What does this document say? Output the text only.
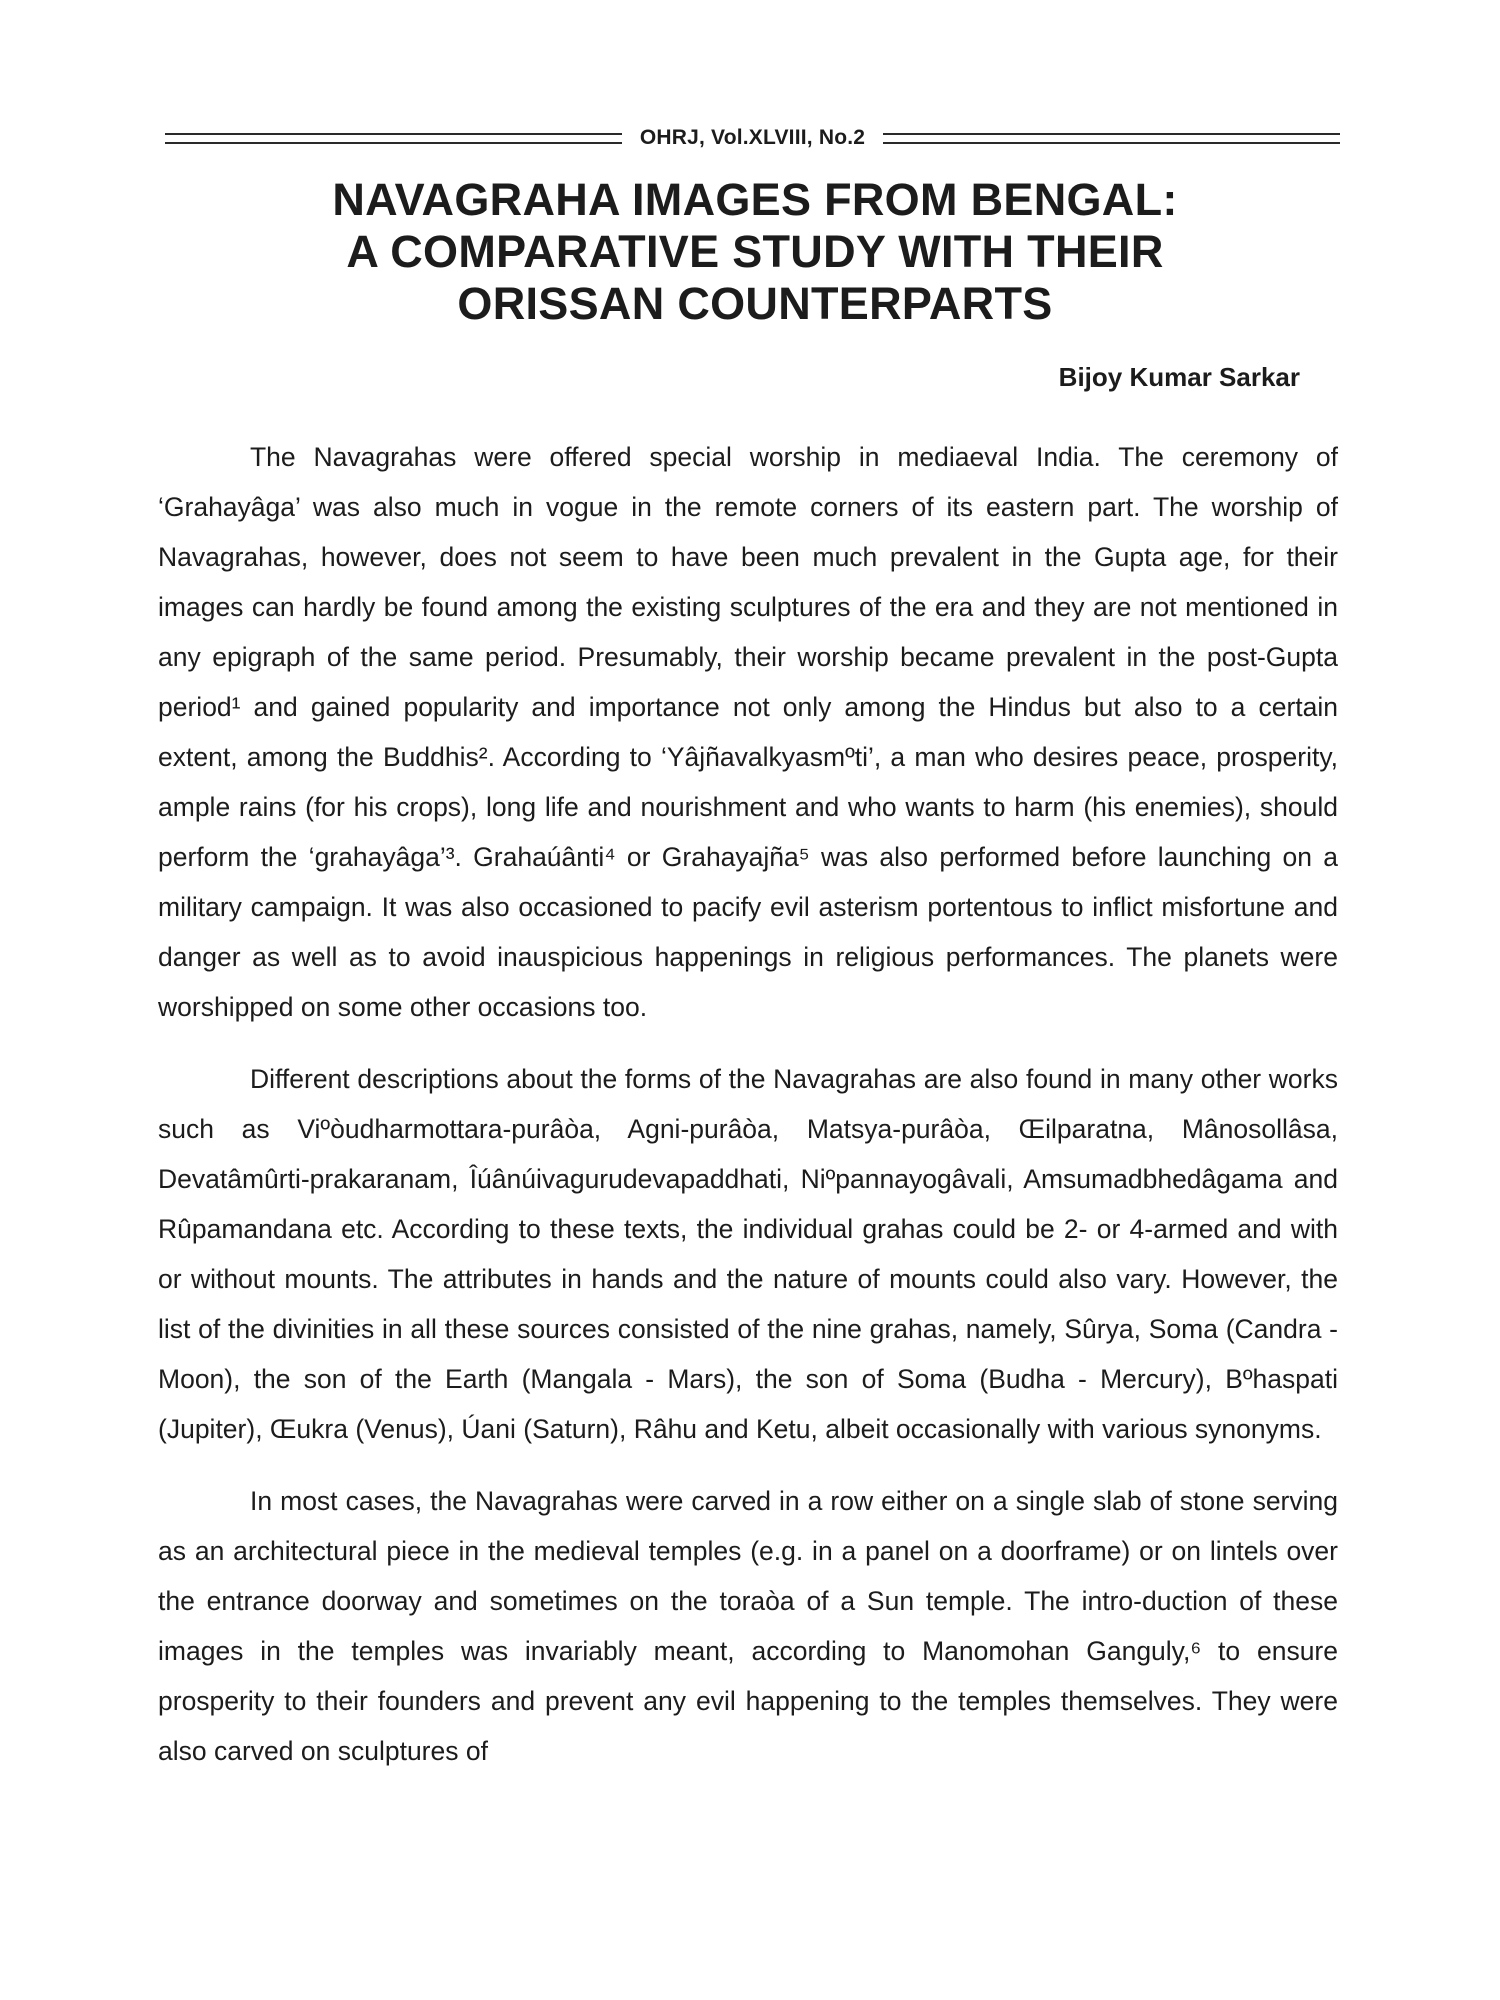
OHRJ, Vol.XLVIII, No.2
NAVAGRAHA IMAGES FROM BENGAL:
A COMPARATIVE STUDY WITH THEIR
ORISSAN COUNTERPARTS
Bijoy Kumar Sarkar

The Navagrahas were offered special worship in mediaeval India. The ceremony of ‘Grahayâga’ was also much in vogue in the remote corners of its eastern part. The worship of Navagrahas, however, does not seem to have been much prevalent in the Gupta age, for their images can hardly be found among the existing sculptures of the era and they are not mentioned in any epigraph of the same period. Presumably, their worship became prevalent in the post-Gupta period¹ and gained popularity and importance not only among the Hindus but also to a certain extent, among the Buddhis². According to ‘Yâjñavalkyasmºti’, a man who desires peace, prosperity, ample rains (for his crops), long life and nourishment and who wants to harm (his enemies), should perform the ‘grahayâga’³. Grahaúânti⁴ or Grahayajña⁵ was also performed before launching on a military campaign. It was also occasioned to pacify evil asterism portentous to inflict misfortune and danger as well as to avoid inauspicious happenings in religious performances. The planets were worshipped on some other occasions too.

Different descriptions about the forms of the Navagrahas are also found in many other works such as Viºòudharmottara-purâòa, Agni-purâòa, Matsya-purâòa, Œilparatna, Mânosollâsa, Devatâmûrti-prakaranam, Îúânúivagurudevapaddhati, Niºpannayogâvali, Amsumadbhedâgama and Rûpamandana etc. According to these texts, the individual grahas could be 2- or 4-armed and with or without mounts. The attributes in hands and the nature of mounts could also vary. However, the list of the divinities in all these sources consisted of the nine grahas, namely, Sûrya, Soma (Candra - Moon), the son of the Earth (Mangala - Mars), the son of Soma (Budha - Mercury), Bºhaspati (Jupiter), Œukra (Venus), Úani (Saturn), Râhu and Ketu, albeit occasionally with various synonyms.

In most cases, the Navagrahas were carved in a row either on a single slab of stone serving as an architectural piece in the medieval temples (e.g. in a panel on a doorframe) or on lintels over the entrance doorway and sometimes on the toraòa of a Sun temple. The intro-duction of these images in the temples was invariably meant, according to Manomohan Ganguly,⁶ to ensure prosperity to their founders and prevent any evil happening to the temples themselves. They were also carved on sculptures of
